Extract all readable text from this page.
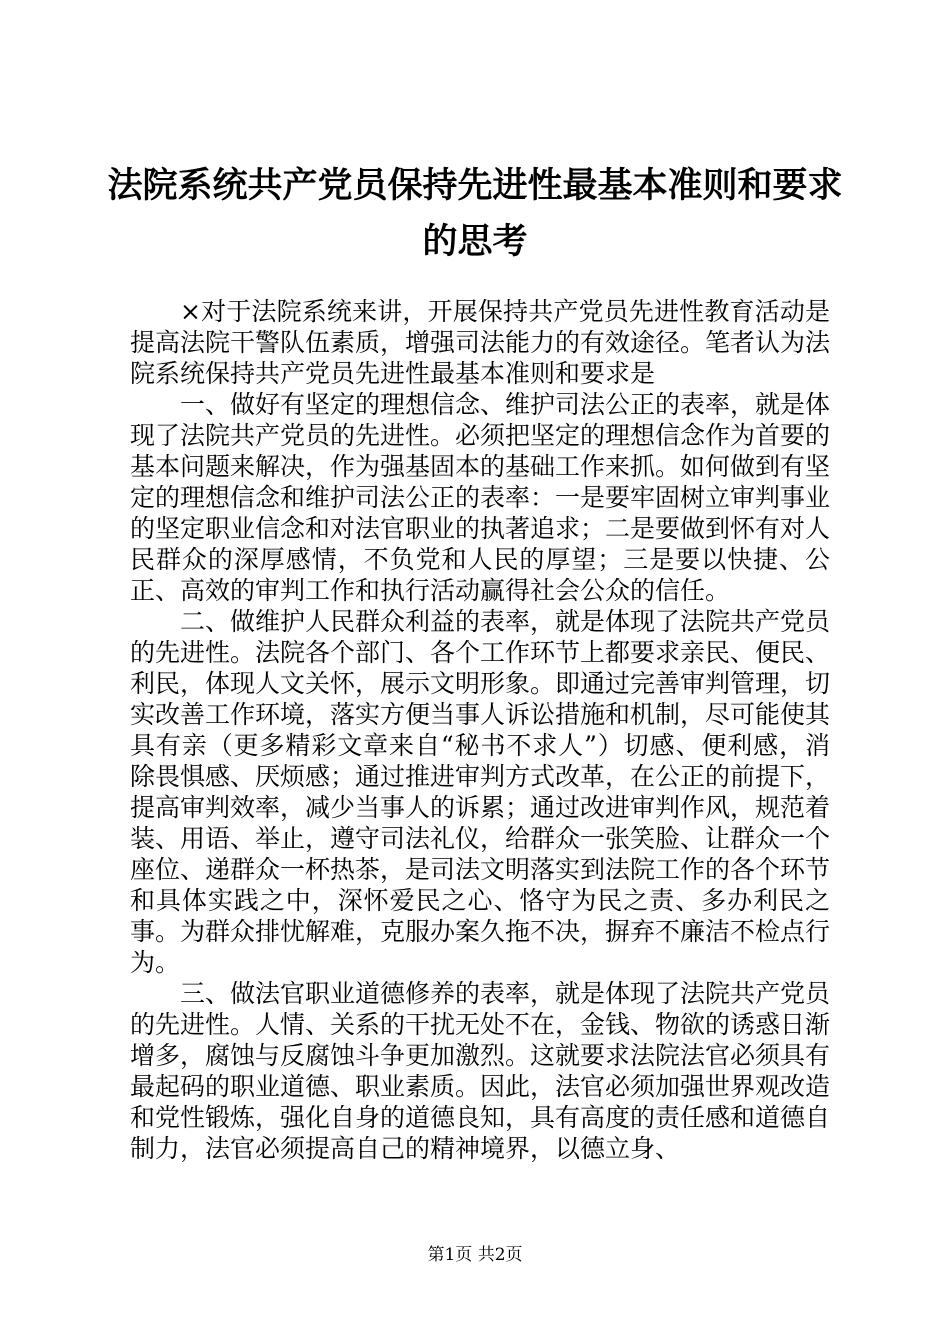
法院系统共产党员保持先进性最基本准则和要求的思考

×对于法院系统来讲，开展保持共产党员先进性教育活动是提高法院干警队伍素质，增强司法能力的有效途径。笔者认为法院系统保持共产党员先进性最基本准则和要求是

一、做好有坚定的理想信念、维护司法公正的表率，就是体现了法院共产党员的先进性。必须把坚定的理想信念作为首要的基本问题来解决，作为强基固本的基础工作来抓。如何做到有坚定的理想信念和维护司法公正的表率：一是要牢固树立审判事业的坚定职业信念和对法官职业的执著追求；二是要做到怀有对人民群众的深厚感情，不负党和人民的厚望；三是要以快捷、公正、高效的审判工作和执行活动赢得社会公众的信任。

二、做维护人民群众利益的表率，就是体现了法院共产党员的先进性。法院各个部门、各个工作环节上都要求亲民、便民、利民，体现人文关怀，展示文明形象。即通过完善审判管理，切实改善工作环境，落实方便当事人诉讼措施和机制，尽可能使其具有亲（更多精彩文章来自“秘书不求人”）切感、便利感，消除畏惧感、厌烦感；通过推进审判方式改革，在公正的前提下，提高审判效率，减少当事人的诉累；通过改进审判作风，规范着装、用语、举止，遵守司法礼仪，给群众一张笑脸、让群众一个座位、递群众一杯热茶，是司法文明落实到法院工作的各个环节和具体实践之中，深怀爱民之心、恪守为民之责、多办利民之事。为群众排忧解难，克服办案久拖不决，摒弃不廉洁不检点行为。

三、做法官职业道德修养的表率，就是体现了法院共产党员的先进性。人情、关系的干扰无处不在，金钱、物欲的诱惑日渐增多，腐蚀与反腐蚀斗争更加激烈。这就要求法院法官必须具有最起码的职业道德、职业素质。因此，法官必须加强世界观改造和党性锻炼，强化自身的道德良知，具有高度的责任感和道德自制力，法官必须提高自己的精神境界，以德立身、

第1页 共2页
